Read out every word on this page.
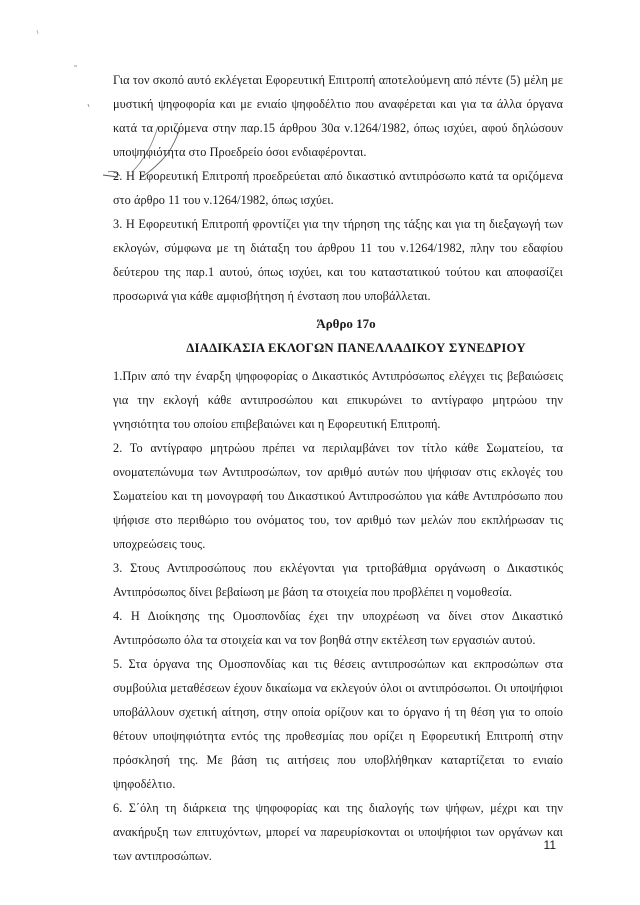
Για τον σκοπό αυτό εκλέγεται Εφορευτική Επιτροπή αποτελούμενη από πέντε (5) μέλη με μυστική ψηφοφορία και με ενιαίο ψηφοδέλτιο που αναφέρεται και για τα άλλα όργανα κατά τα οριζόμενα στην παρ.15 άρθρου 30α ν.1264/1982, όπως ισχύει, αφού δηλώσουν υποψηφιότητα στο Προεδρείο όσοι ενδιαφέρονται.

2. Η Εφορευτική Επιτροπή προεδρεύεται από δικαστικό αντιπρόσωπο κατά τα οριζόμενα στο άρθρο 11 του ν.1264/1982, όπως ισχύει.

3. Η Εφορευτική Επιτροπή φροντίζει για την τήρηση της τάξης και για τη διεξαγωγή των εκλογών, σύμφωνα με τη διάταξη του άρθρου 11 του ν.1264/1982, πλην του εδαφίου δεύτερου της παρ.1 αυτού, όπως ισχύει, και του καταστατικού τούτου και αποφασίζει προσωρινά για κάθε αμφισβήτηση ή ένσταση που υποβάλλεται.

Άρθρο 17ο
ΔΙΑΔΙΚΑΣΙΑ ΕΚΛΟΓΩΝ ΠΑΝΕΛΛΑΔΙΚΟΥ ΣΥΝΕΔΡΙΟΥ

1.Πριν από την έναρξη ψηφοφορίας ο Δικαστικός Αντιπρόσωπος ελέγχει τις βεβαιώσεις για την εκλογή κάθε αντιπροσώπου και επικυρώνει το αντίγραφο μητρώου την γνησιότητα του οποίου επιβεβαιώνει και η Εφορευτική Επιτροπή.

2. Το αντίγραφο μητρώου πρέπει να περιλαμβάνει τον τίτλο κάθε Σωματείου, τα ονοματεπώνυμα των Αντιπροσώπων, τον αριθμό αυτών που ψήφισαν στις εκλογές του Σωματείου και τη μονογραφή του Δικαστικού Αντιπροσώπου για κάθε Αντιπρόσωπο που ψήφισε στο περιθώριο του ονόματος του, τον αριθμό των μελών που εκπλήρωσαν τις υποχρεώσεις τους.

3. Στους Αντιπροσώπους που εκλέγονται για τριτοβάθμια οργάνωση ο Δικαστικός Αντιπρόσωπος δίνει βεβαίωση με βάση τα στοιχεία που προβλέπει η νομοθεσία.

4. Η Διοίκησης της Ομοσπονδίας έχει την υποχρέωση να δίνει στον Δικαστικό Αντιπρόσωπο όλα τα στοιχεία και να τον βοηθά στην εκτέλεση των εργασιών αυτού.

5. Στα όργανα της Ομοσπονδίας και τις θέσεις αντιπροσώπων και εκπροσώπων στα συμβούλια μεταθέσεων έχουν δικαίωμα να εκλεγούν όλοι οι αντιπρόσωποι. Οι υποψήφιοι υποβάλλουν σχετική αίτηση, στην οποία ορίζουν και το όργανο ή τη θέση για το οποίο θέτουν υποψηφιότητα εντός της προθεσμίας που ορίζει η Εφορευτική Επιτροπή στην πρόσκλησή της. Με βάση τις αιτήσεις που υποβλήθηκαν καταρτίζεται το ενιαίο ψηφοδέλτιο.

6. Σ΄όλη τη διάρκεια της ψηφοφορίας και της διαλογής των ψήφων, μέχρι και την ανακήρυξη των επιτυχόντων, μπορεί να παρευρίσκονται οι υποψήφιοι των οργάνων και των αντιπροσώπων.

11
